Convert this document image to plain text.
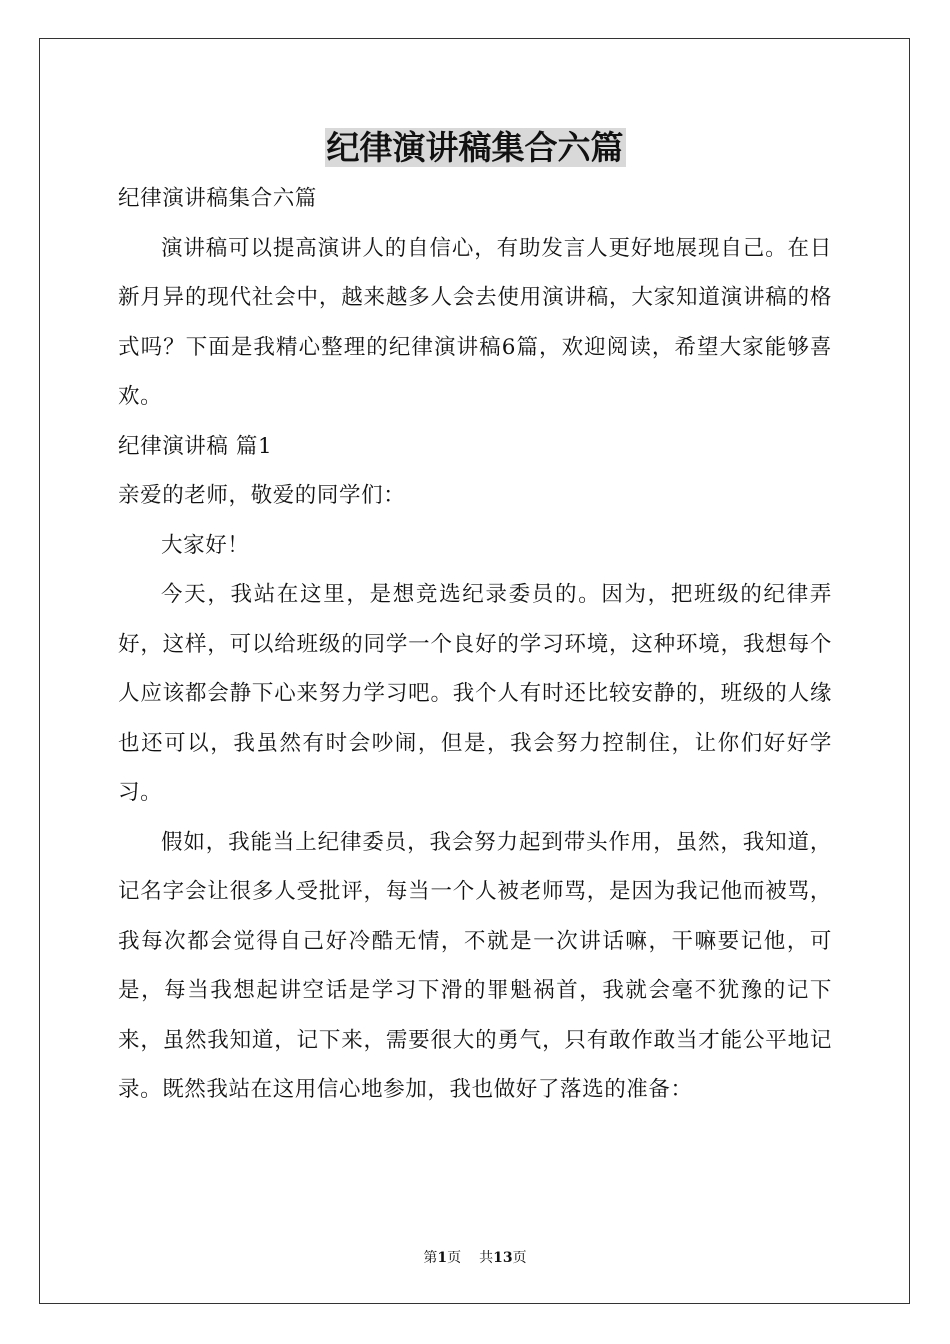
纪律演讲稿集合六篇

纪律演讲稿集合六篇

演讲稿可以提高演讲人的自信心，有助发言人更好地展现自己。在日新月异的现代社会中，越来越多人会去使用演讲稿，大家知道演讲稿的格式吗？下面是我精心整理的纪律演讲稿6篇，欢迎阅读，希望大家能够喜欢。

纪律演讲稿 篇1

亲爱的老师，敬爱的同学们：

大家好！

今天，我站在这里，是想竞选纪录委员的。因为，把班级的纪律弄好，这样，可以给班级的同学一个良好的学习环境，这种环境，我想每个人应该都会静下心来努力学习吧。我个人有时还比较安静的，班级的人缘也还可以，我虽然有时会吵闹，但是，我会努力控制住，让你们好好学习。

假如，我能当上纪律委员，我会努力起到带头作用，虽然，我知道，记名字会让很多人受批评，每当一个人被老师骂，是因为我记他而被骂，我每次都会觉得自己好冷酷无情，不就是一次讲话嘛，干嘛要记他，可是，每当我想起讲空话是学习下滑的罪魁祸首，我就会毫不犹豫的记下来，虽然我知道，记下来，需要很大的勇气，只有敢作敢当才能公平地记录。既然我站在这用信心地参加，我也做好了落选的准备：

第1页 共13页
